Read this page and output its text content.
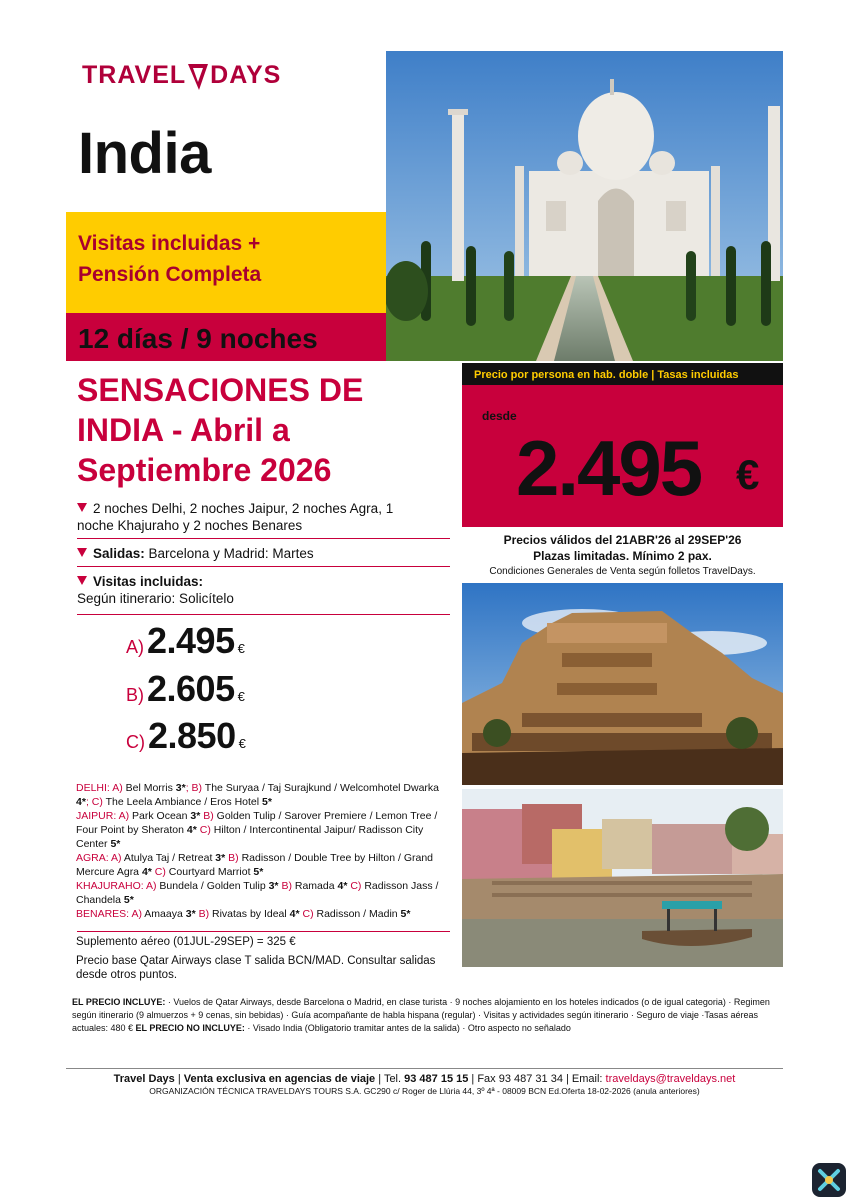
TRAVEL DAYS
India
Visitas incluidas +
Pensión Completa
12 días / 9 noches
SENSACIONES DE INDIA - Abril a Septiembre 2026
2 noches Delhi, 2 noches Jaipur, 2 noches Agra, 1 noche Khajuraho y 2 noches Benares
Salidas: Barcelona y Madrid: Martes
Visitas incluidas:
Según itinerario: Solicítelo
A) 2.495 €
B) 2.605 €
C) 2.850 €

DELHI: A) Bel Morris 3*; B) The Suryaa / Taj Surajkund / Welcomhotel Dwarka 4*; C) The Leela Ambiance / Eros Hotel 5*

JAIPUR: A) Park Ocean 3* B) Golden Tulip / Sarover Premiere / Lemon Tree / Four Point by Sheraton 4* C) Hilton / Intercontinental Jaipur/ Radisson City Center 5*

AGRA: A) Atulya Taj / Retreat 3* B) Radisson / Double Tree by Hilton / Grand Mercure Agra 4* C) Courtyard Marriot 5*

KHAJURAHO: A) Bundela / Golden Tulip 3* B) Ramada 4* C) Radisson Jass / Chandela 5*

BENARES: A) Amaaya 3* B) Rivatas by Ideal 4* C) Radisson / Madin 5*

Suplemento aéreo (01JUL-29SEP) = 325 €
Precio base Qatar Airways clase T salida BCN/MAD. Consultar salidas desde otros puntos.
Precio por persona en hab. doble | Tasas incluidas
desde
2.495 €
Precios válidos del 21ABR'26 al 29SEP'26
Plazas limitadas. Mínimo 2 pax.
Condiciones Generales de Venta según folletos TravelDays.
EL PRECIO INCLUYE: · Vuelos de Qatar Airways, desde Barcelona o Madrid, en clase turista · 9 noches alojamiento en los hoteles indicados (o de igual categoria) · Regimen según itinerario (9 almuerzos + 9 cenas, sin bebidas) · Guía acompañante de habla hispana (regular) · Visitas y actividades según itinerario · Seguro de viaje ·Tasas aéreas actuales: 480 € EL PRECIO NO INCLUYE: · Visado India (Obligatorio tramitar antes de la salida) · Otro aspecto no señalado
Travel Days | Venta exclusiva en agencias de viaje | Tel. 93 487 15 15 | Fax 93 487 31 34 | Email: traveldays@traveldays.net
ORGANIZACIÓN TÉCNICA TRAVELDAYS TOURS S.A. GC290 c/ Roger de Llúria 44, 3º 4ª - 08009 BCN Ed.Oferta 18-02-2026 (anula anteriores)
